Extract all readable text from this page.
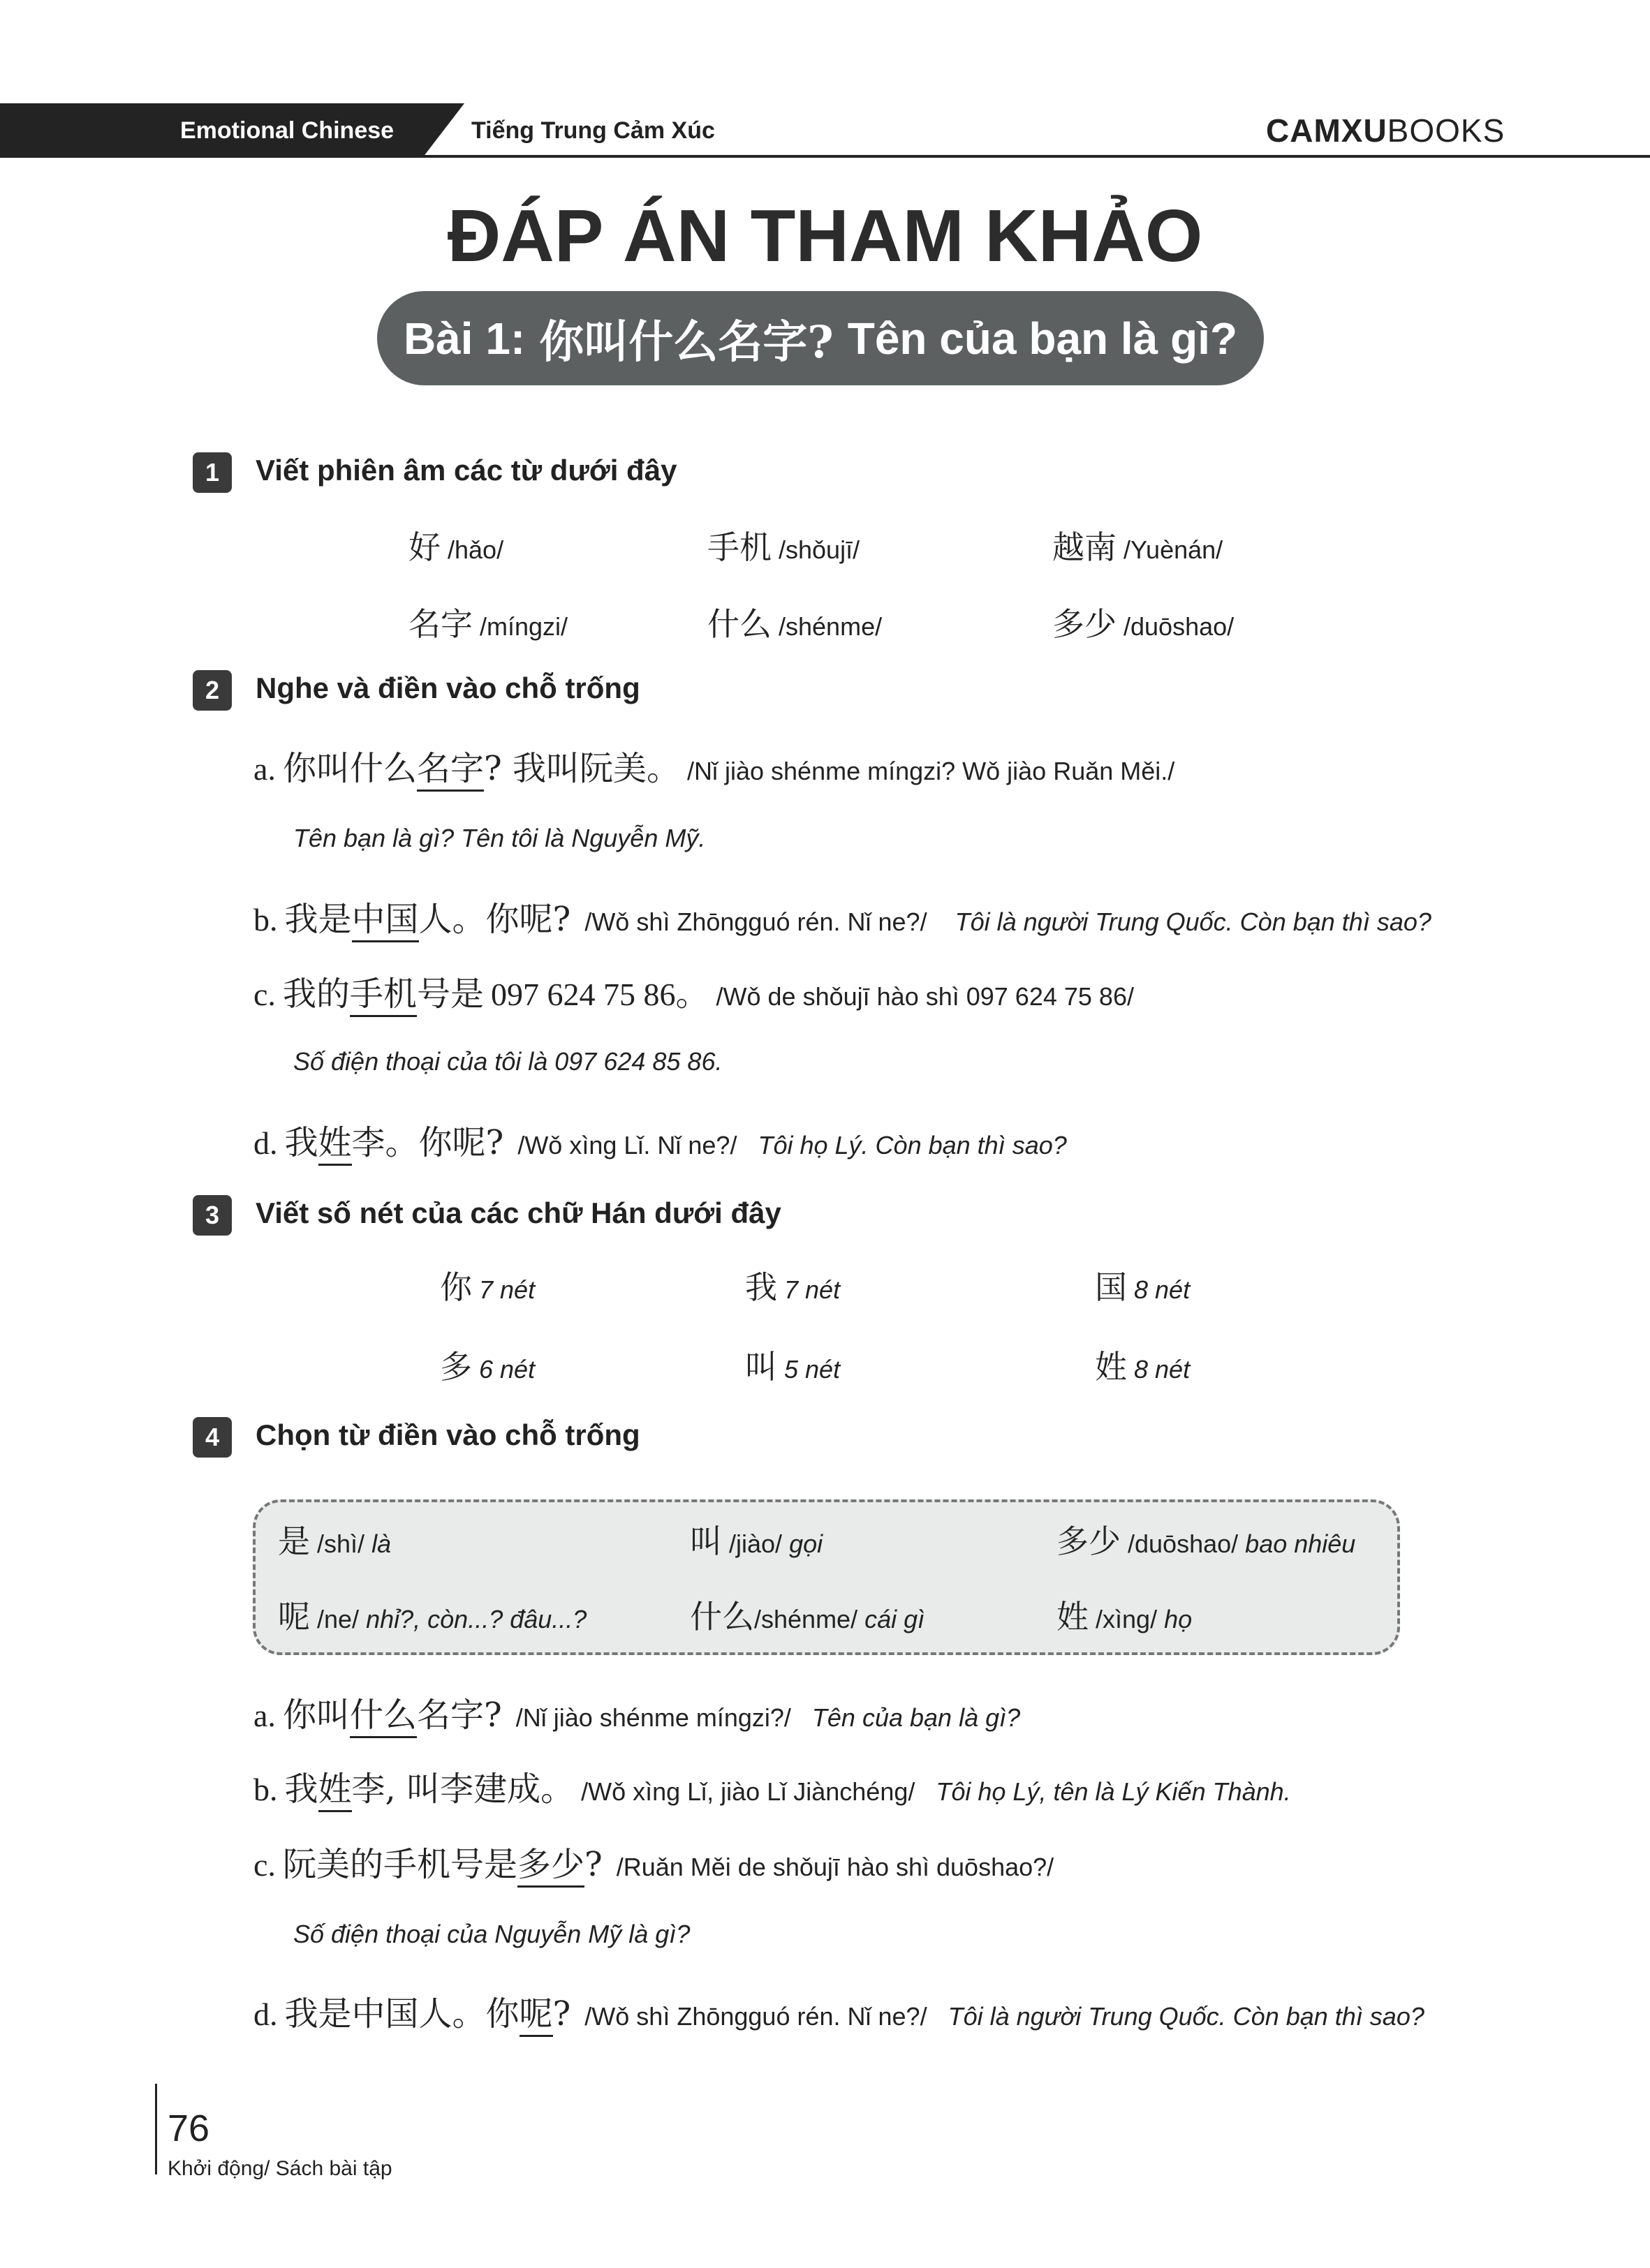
Emotional Chinese	Tiếng Trung Cảm Xúc	CAMXUBOOKS
ĐÁP ÁN THAM KHẢO
Bài 1: 你叫什么名字? Tên của bạn là gì?
1	Viết phiên âm các từ dưới đây
好 /hǎo/	手机 /shǒujī/	越南 /Yuènán/
名字 /míngzi/	什么 /shénme/	多少 /duōshao/
2	Nghe và điền vào chỗ trống
a. 你叫什么名字? 我叫阮美。 /Nǐ jiào shénme míngzi? Wǒ jiào Ruǎn Měi./
Tên bạn là gì? Tên tôi là Nguyễn Mỹ.
b. 我是中国人。你呢? /Wǒ shì Zhōngguó rén. Nǐ ne?/ Tôi là người Trung Quốc. Còn bạn thì sao?
c. 我的手机号是 097 624 75 86。 /Wǒ de shǒujī hào shì 097 624 75 86/
Số điện thoại của tôi là 097 624 85 86.
d. 我姓李。你呢? /Wǒ xìng Lǐ. Nǐ ne?/ Tôi họ Lý. Còn bạn thì sao?
3	Viết số nét của các chữ Hán dưới đây
你 7 nét	我 7 nét	国 8 nét
多 6 nét	叫 5 nét	姓 8 nét
4	Chọn từ điền vào chỗ trống
是 /shì/ là	叫 /jiào/ gọi	多少 /duōshao/ bao nhiêu
呢 /ne/ nhỉ?, còn...? đâu...?	什么/shénme/ cái gì	姓 /xìng/ họ
a. 你叫什么名字? /Nǐ jiào shénme míngzi?/ Tên của bạn là gì?
b. 我姓李, 叫李建成。 /Wǒ xìng Lǐ, jiào Lǐ Jiànchéng/ Tôi họ Lý, tên là Lý Kiến Thành.
c. 阮美的手机号是多少? /Ruǎn Měi de shǒujī hào shì duōshao?/
Số điện thoại của Nguyễn Mỹ là gì?
d. 我是中国人。你呢? /Wǒ shì Zhōngguó rén. Nǐ ne?/ Tôi là người Trung Quốc. Còn bạn thì sao?
76
Khởi động/ Sách bài tập
